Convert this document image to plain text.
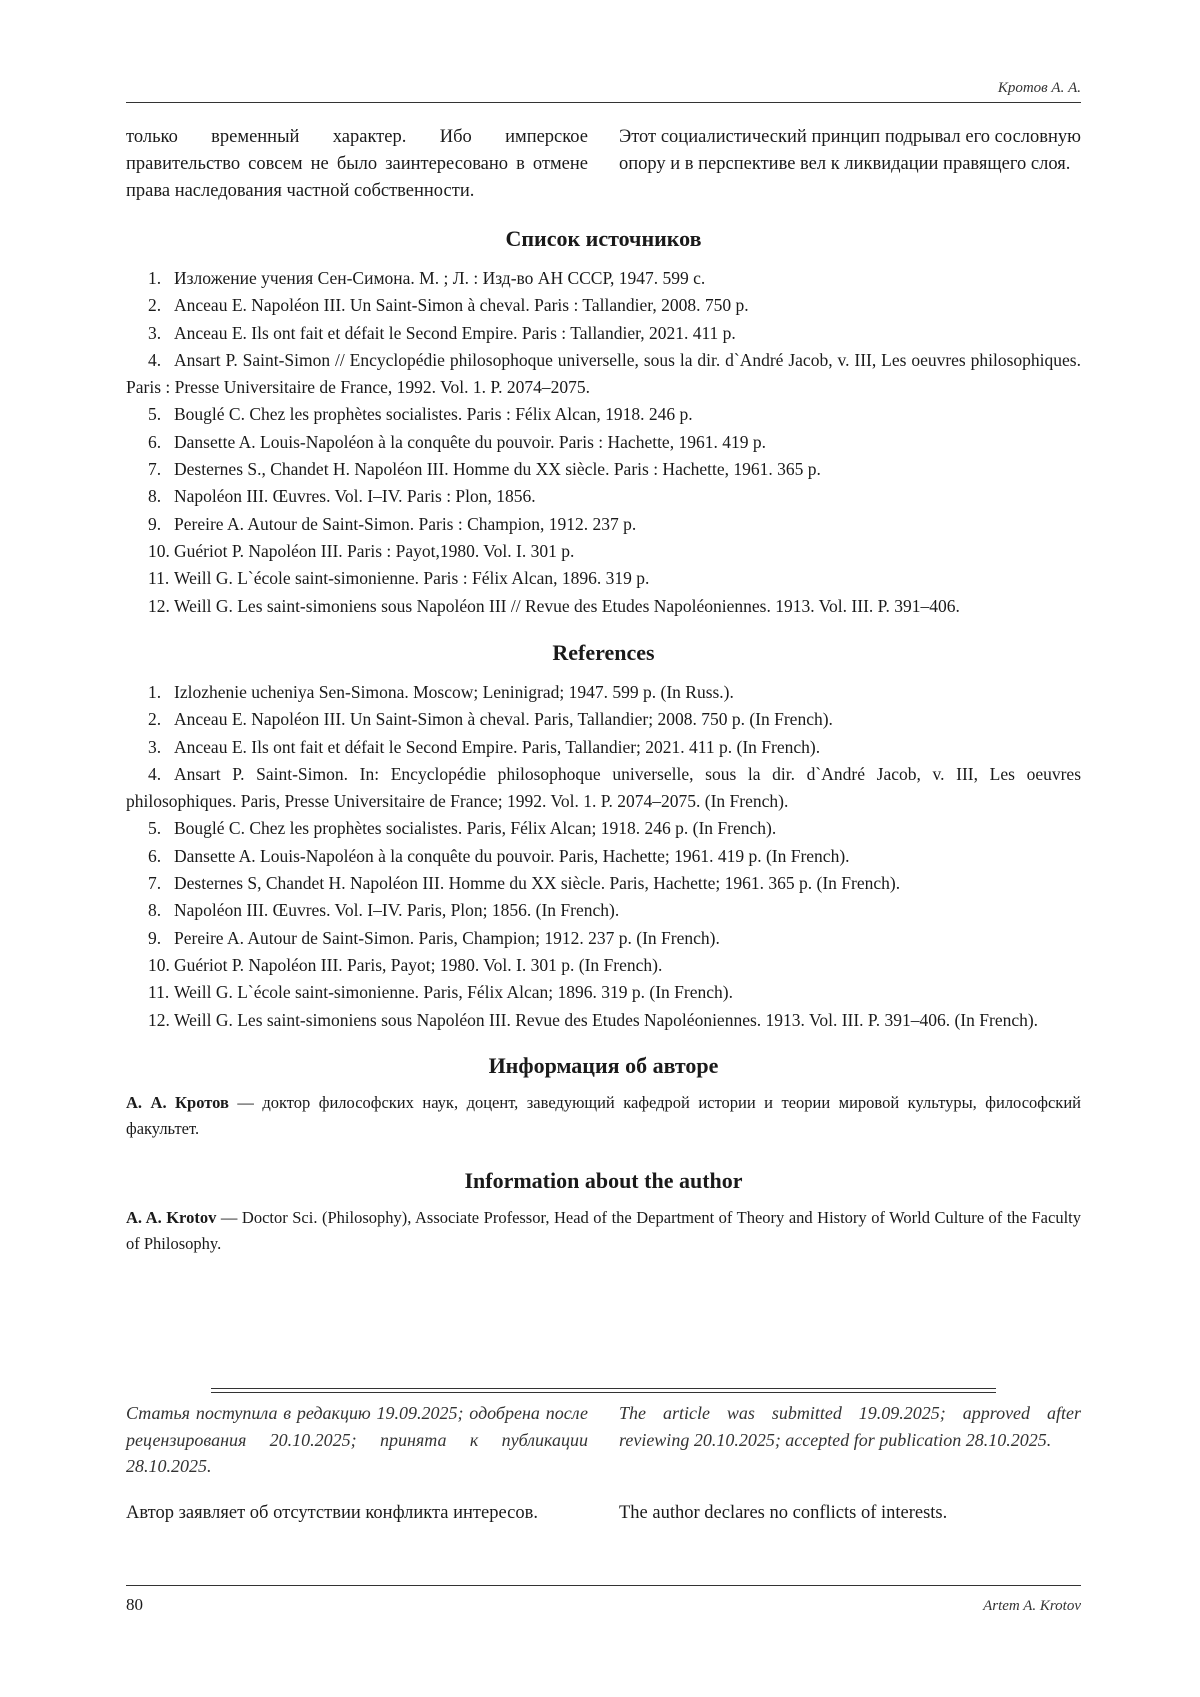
Кротов А. А.
только временный характер. Ибо имперское правительство совсем не было заинтересовано в отмене права наследования частной собственности.
Этот социалистический принцип подрывал его сословную опору и в перспективе вел к ликвидации правящего слоя.
Список источников
1. Изложение учения Сен-Симона. М. ; Л. : Изд-во АН СССР, 1947. 599 с.
2. Anceau E. Napoléon III. Un Saint-Simon à cheval. Paris : Tallandier, 2008. 750 p.
3. Anceau E. Ils ont fait et défait le Second Empire. Paris : Tallandier, 2021. 411 p.
4. Ansart P. Saint-Simon // Encyclopédie philosophoque universelle, sous la dir. d`André Jacob, v. III, Les oeuvres philosophiques. Paris : Presse Universitaire de France, 1992. Vol. 1. P. 2074–2075.
5. Bouglé C. Chez les prophètes socialistes. Paris : Félix Alcan, 1918. 246 p.
6. Dansette A. Louis-Napoléon à la conquête du pouvoir. Paris : Hachette, 1961. 419 p.
7. Desternes S., Chandet H. Napoléon III. Homme du XX siècle. Paris : Hachette, 1961. 365 p.
8. Napoléon III. Œuvres. Vol. I–IV. Paris : Plon, 1856.
9. Pereire A. Autour de Saint-Simon. Paris : Champion, 1912. 237 p.
10. Guériot P. Napoléon III. Paris : Payot,1980. Vol. I. 301 p.
11. Weill G. L`école saint-simonienne. Paris : Félix Alcan, 1896. 319 p.
12. Weill G. Les saint-simoniens sous Napoléon III // Revue des Etudes Napoléoniennes. 1913. Vol. III. P. 391–406.
References
1. Izlozhenie ucheniya Sen-Simona. Moscow; Leninigrad; 1947. 599 p. (In Russ.).
2. Anceau E. Napoléon III. Un Saint-Simon à cheval. Paris, Tallandier; 2008. 750 p. (In French).
3. Anceau E. Ils ont fait et défait le Second Empire. Paris, Tallandier; 2021. 411 p. (In French).
4. Ansart P. Saint-Simon. In: Encyclopédie philosophoque universelle, sous la dir. d`André Jacob, v. III, Les oeuvres philosophiques. Paris, Presse Universitaire de France; 1992. Vol. 1. P. 2074–2075. (In French).
5. Bouglé C. Chez les prophètes socialistes. Paris, Félix Alcan; 1918. 246 p. (In French).
6. Dansette A. Louis-Napoléon à la conquête du pouvoir. Paris, Hachette; 1961. 419 p. (In French).
7. Desternes S, Chandet H. Napoléon III. Homme du XX siècle. Paris, Hachette; 1961. 365 p. (In French).
8. Napoléon III. Œuvres. Vol. I–IV. Paris, Plon; 1856. (In French).
9. Pereire A. Autour de Saint-Simon. Paris, Champion; 1912. 237 p. (In French).
10. Guériot P. Napoléon III. Paris, Payot; 1980. Vol. I. 301 p. (In French).
11. Weill G. L`école saint-simonienne. Paris, Félix Alcan; 1896. 319 p. (In French).
12. Weill G. Les saint-simoniens sous Napoléon III. Revue des Etudes Napoléoniennes. 1913. Vol. III. P. 391–406. (In French).
Информация об авторе
А. А. Кротов — доктор философских наук, доцент, заведующий кафедрой истории и теории мировой культуры, философский факультет.
Information about the author
A. A. Krotov — Doctor Sci. (Philosophy), Associate Professor, Head of the Department of Theory and History of World Culture of the Faculty of Philosophy.
Статья поступила в редакцию 19.09.2025; одобрена после рецензирования 20.10.2025; принята к публикации 28.10.2025.
The article was submitted 19.09.2025; approved after reviewing 20.10.2025; accepted for publication 28.10.2025.
Автор заявляет об отсутствии конфликта интересов.	The author declares no conflicts of interests.
80	Artem A. Krotov
